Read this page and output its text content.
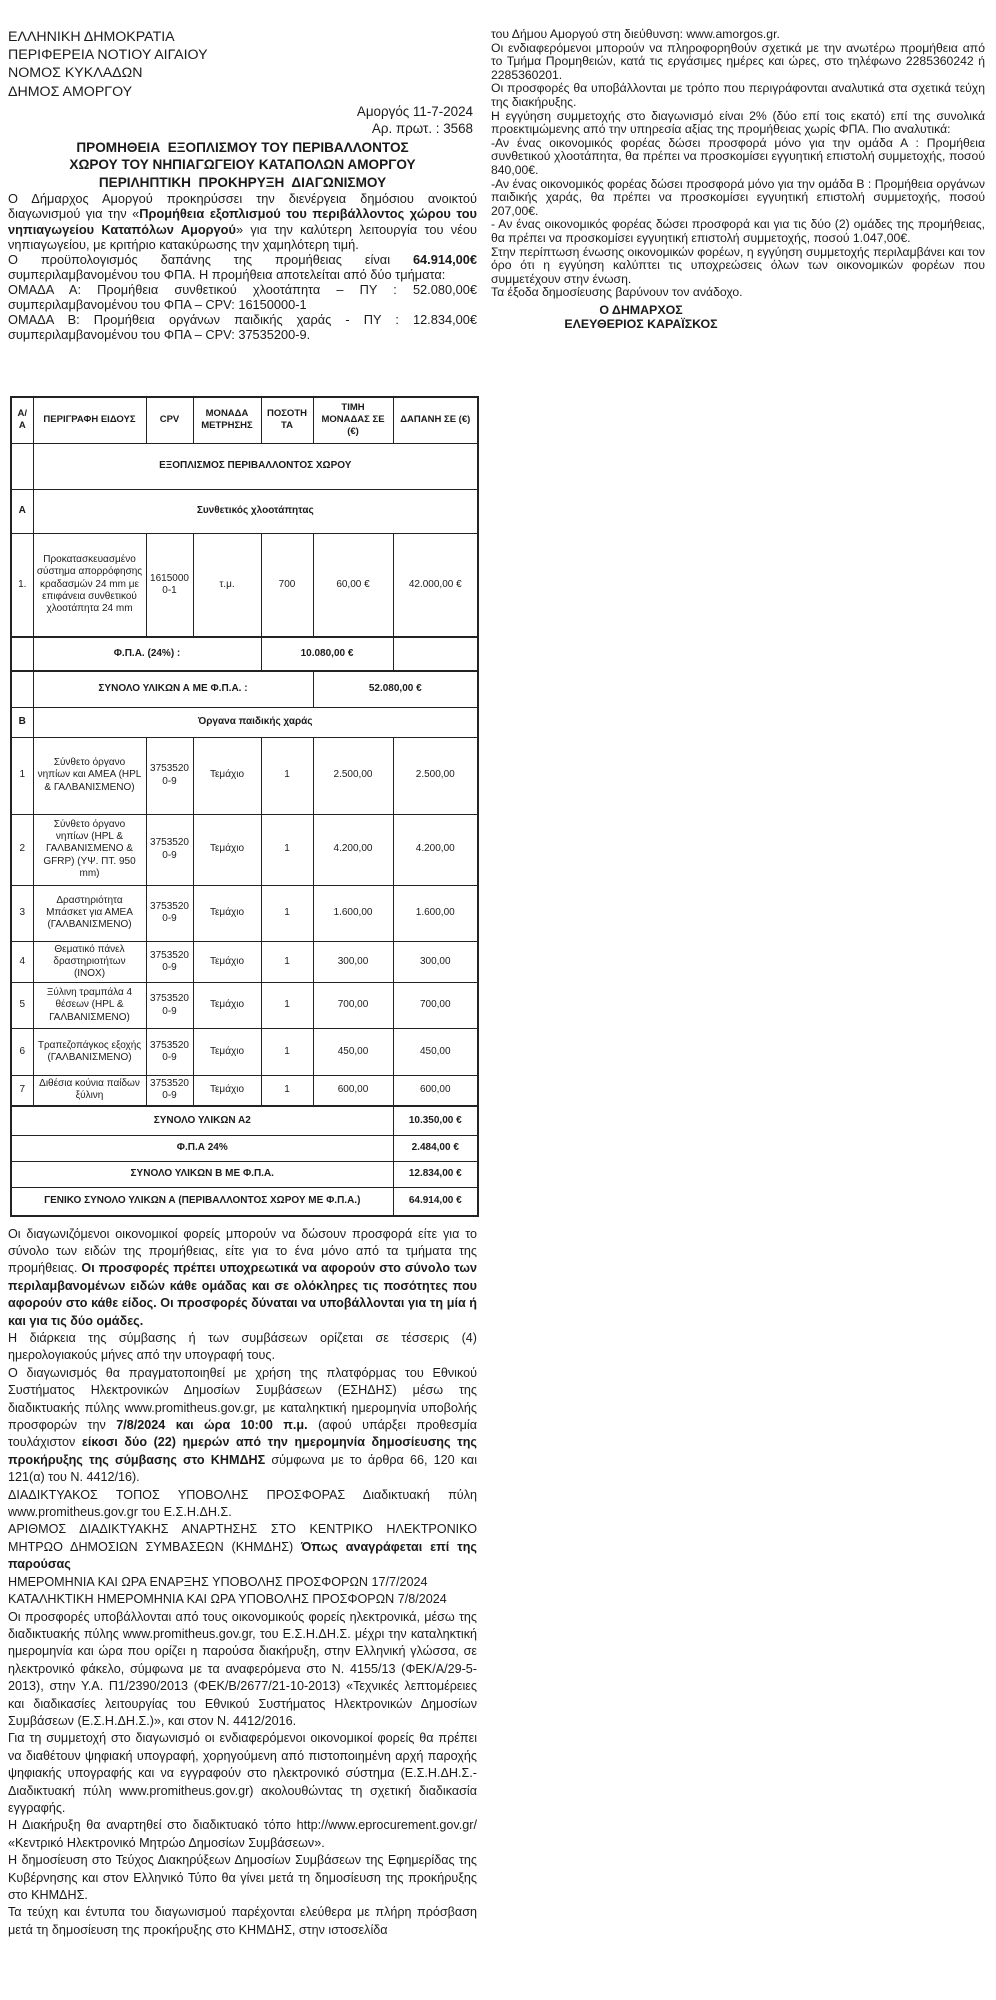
ΕΛΛΗΝΙΚΗ ΔΗΜΟΚΡΑΤΙΑ
ΠΕΡΙΦΕΡΕΙΑ ΝΟΤΙΟΥ ΑΙΓΑΙΟΥ
ΝΟΜΟΣ ΚΥΚΛΑΔΩΝ
ΔΗΜΟΣ ΑΜΟΡΓΟΥ
Αμοργός 11-7-2024
Αρ. πρωτ. : 3568
ΠΡΟΜΗΘΕΙΑ  ΕΞΟΠΛΙΣΜΟΥ ΤΟΥ ΠΕΡΙΒΑΛΛΟΝΤΟΣ
ΧΩΡΟΥ ΤΟΥ ΝΗΠΙΑΓΩΓΕΙΟΥ ΚΑΤΑΠΟΛΩΝ ΑΜΟΡΓΟΥ
ΠΕΡΙΛΗΠΤΙΚΗ  ΠΡΟΚΗΡΥΞΗ  ΔΙΑΓΩΝΙΣΜΟΥ
Ο Δήμαρχος Αμοργού προκηρύσσει την διενέργεια δημόσιου ανοικτού διαγωνισμού για την «Προμήθεια εξοπλισμού του περιβάλλοντος χώρου του νηπιαγωγείου Καταπόλων Αμοργού» για την καλύτερη λειτουργία του νέου νηπιαγωγείου, με κριτήριο κατακύρωσης την χαμηλότερη τιμή.
Ο προϋπολογισμός δαπάνης της προμήθειας είναι 64.914,00€ συμπεριλαμβανομένου του ΦΠΑ. Η προμήθεια αποτελείται από δύο τμήματα:
ΟΜΑΔΑ Α: Προμήθεια συνθετικού χλοοτάπητα – ΠΥ : 52.080,00€ συμπεριλαμβανομένου του ΦΠΑ – CPV: 16150000-1
ΟΜΑΔΑ Β: Προμήθεια οργάνων παιδικής χαράς - ΠΥ : 12.834,00€ συμπεριλαμβανομένου του ΦΠΑ – CPV: 37535200-9.
του Δήμου Αμοργού στη διεύθυνση: www.amorgos.gr.
Οι ενδιαφερόμενοι μπορούν να πληροφορηθούν σχετικά με την ανωτέρω προμήθεια από το Τμήμα Προμηθειών, κατά τις εργάσιμες ημέρες και ώρες, στο τηλέφωνο 2285360242 ή 2285360201.
Οι προσφορές θα υποβάλλονται με τρόπο που περιγράφονται αναλυτικά στα σχετικά τεύχη της διακήρυξης.
Η εγγύηση συμμετοχής στο διαγωνισμό είναι 2% (δύο επί τοις εκατό) επί της συνολικά προεκτιμώμενης από την υπηρεσία αξίας της προμήθειας χωρίς ΦΠΑ. Πιο αναλυτικά:
-Αν ένας οικονομικός φορέας δώσει προσφορά μόνο για την ομάδα Α : Προμήθεια συνθετικού χλοοτάπητα, θα πρέπει να προσκομίσει εγγυητική επιστολή συμμετοχής, ποσού 840,00€.
-Αν ένας οικονομικός φορέας δώσει προσφορά μόνο για την ομάδα Β : Προμήθεια οργάνων παιδικής χαράς, θα πρέπει να προσκομίσει εγγυητική επιστολή συμμετοχής, ποσού 207,00€.
- Αν ένας οικονομικός φορέας δώσει προσφορά και για τις δύο (2) ομάδες της προμήθειας, θα πρέπει να προσκομίσει εγγυητική επιστολή συμμετοχής, ποσού 1.047,00€.
Στην περίπτωση ένωσης οικονομικών φορέων, η εγγύηση συμμετοχής περιλαμβάνει και τον όρο ότι η εγγύηση καλύπτει τις υποχρεώσεις όλων των οικονομικών φορέων που συμμετέχουν στην ένωση.
Τα έξοδα δημοσίευσης βαρύνουν τον ανάδοχο.
Ο ΔΗΜΑΡΧΟΣ
ΕΛΕΥΘΕΡΙΟΣ ΚΑΡΑΪΣΚΟΣ
Α/Α	ΠΕΡΙΓΡΑΦΗ ΕΙΔΟΥΣ	CPV	ΜΟΝΑΔΑ ΜΕΤΡΗΣΗΣ	ΠΟΣΟΤΗΤΑ	ΤΙΜΗ ΜΟΝΑΔΑΣ ΣΕ (€)	ΔΑΠΑΝΗ ΣΕ (€)
	ΕΞΟΠΛΙΣΜΟΣ ΠΕΡΙΒΑΛΛΟΝΤΟΣ ΧΩΡΟΥ					
Α	Συνθετικός χλοοτάπητας					
1.	Προκατασκευασμένο σύστημα απορρόφησης κραδασμών 24 mm με επιφάνεια συνθετικού χλοοτάπητα 24 mm	16150000-1	τ.μ.	700	60,00 €	42.000,00 €
	Φ.Π.Α. (24%) :			10.080,00 €		
	ΣΥΝΟΛΟ ΥΛΙΚΩΝ Α ΜΕ Φ.Π.Α. :				52.080,00 €	
Β	Όργανα παιδικής χαράς					
1	Σύνθετο όργανο νηπίων και ΑΜΕΑ (HPL & ΓΑΛΒΑΝΙΣΜΕΝΟ)	37535200-9	Τεμάχιο	1	2.500,00	2.500,00
2	Σύνθετο όργανο νηπίων (HPL & ΓΑΛΒΑΝΙΣΜΕΝΟ & GFRP) (ΥΨ. ΠΤ. 950 mm)	37535200-9	Τεμάχιο	1	4.200,00	4.200,00
3	Δραστηριότητα Μπάσκετ για ΑΜΕΑ (ΓΑΛΒΑΝΙΣΜΕΝΟ)	37535200-9	Τεμάχιο	1	1.600,00	1.600,00
4	Θεματικό πάνελ δραστηριοτήτων (INOX)	37535200-9	Τεμάχιο	1	300,00	300,00
5	Ξύλινη τραμπάλα 4 θέσεων (HPL & ΓΑΛΒΑΝΙΣΜΕΝΟ)	37535200-9	Τεμάχιο	1	700,00	700,00
6	Τραπεζοπάγκος εξοχής (ΓΑΛΒΑΝΙΣΜΕΝΟ)	37535200-9	Τεμάχιο	1	450,00	450,00
7	Διθέσια κούνια παίδων ξύλινη	37535200-9	Τεμάχιο	1	600,00	600,00
ΣΥΝΟΛΟ ΥΛΙΚΩΝ Α2						10.350,00 €
Φ.Π.Α 24%						2.484,00 €
ΣΥΝΟΛΟ ΥΛΙΚΩΝ Β ΜΕ Φ.Π.Α.						12.834,00 €
ΓΕΝΙΚΟ ΣΥΝΟΛΟ ΥΛΙΚΩΝ Α (ΠΕΡΙΒΑΛΛΟΝΤΟΣ ΧΩΡΟΥ ΜΕ Φ.Π.Α.)						64.914,00 €
Οι διαγωνιζόμενοι οικονομικοί φορείς μπορούν να δώσουν προσφορά είτε για το σύνολο των ειδών της προμήθειας, είτε για το ένα μόνο από τα τμήματα της προμήθειας. Οι προσφορές πρέπει υποχρεωτικά να αφορούν στο σύνολο των περιλαμβανομένων ειδών κάθε ομάδας και σε ολόκληρες τις ποσότητες που αφορούν στο κάθε είδος. Οι προσφορές δύναται να υποβάλλονται για τη μία ή και για τις δύο ομάδες.
Η διάρκεια της σύμβασης ή των συμβάσεων ορίζεται σε τέσσερις (4) ημερολογιακούς μήνες από την υπογραφή τους.
Ο διαγωνισμός θα πραγματοποιηθεί με χρήση της πλατφόρμας του Εθνικού Συστήματος Ηλεκτρονικών Δημοσίων Συμβάσεων (ΕΣΗΔΗΣ) μέσω της διαδικτυακής πύλης www.promitheus.gov.gr, με καταληκτική ημερομηνία υποβολής προσφορών την 7/8/2024 και ώρα 10:00 π.μ. (αφού υπάρξει προθεσμία τουλάχιστον είκοσι δύο (22) ημερών από την ημερομηνία δημοσίευσης της προκήρυξης της σύμβασης στο ΚΗΜΔΗΣ σύμφωνα με το άρθρα 66, 120 και 121(α) του Ν. 4412/16).
ΔΙΑΔΙΚΤΥΑΚΟΣ ΤΟΠΟΣ ΥΠΟΒΟΛΗΣ ΠΡΟΣΦΟΡΑΣ Διαδικτυακή πύλη www.promitheus.gov.gr του Ε.Σ.Η.ΔΗ.Σ.
ΑΡΙΘΜΟΣ ΔΙΑΔΙΚΤΥΑΚΗΣ ΑΝΑΡΤΗΣΗΣ ΣΤΟ ΚΕΝΤΡΙΚΟ ΗΛΕΚΤΡΟΝΙΚΟ ΜΗΤΡΩΟ ΔΗΜΟΣΙΩΝ ΣΥΜΒΑΣΕΩΝ (ΚΗΜΔΗΣ) Όπως αναγράφεται επί της παρούσας
ΗΜΕΡΟΜΗΝΙΑ ΚΑΙ ΩΡΑ ΕΝΑΡΞΗΣ ΥΠΟΒΟΛΗΣ ΠΡΟΣΦΟΡΩΝ 17/7/2024
ΚΑΤΑΛΗΚΤΙΚΗ ΗΜΕΡΟΜΗΝΙΑ ΚΑΙ ΩΡΑ ΥΠΟΒΟΛΗΣ ΠΡΟΣΦΟΡΩΝ 7/8/2024
Οι προσφορές υποβάλλονται από τους οικονομικούς φορείς ηλεκτρονικά, μέσω της διαδικτυακής πύλης www.promitheus.gov.gr, του Ε.Σ.Η.ΔΗ.Σ. μέχρι την καταληκτική ημερομηνία και ώρα που ορίζει η παρούσα διακήρυξη, στην Ελληνική γλώσσα, σε ηλεκτρονικό φάκελο, σύμφωνα με τα αναφερόμενα στο Ν. 4155/13 (ΦΕΚ/Α/29-5-2013), στην Υ.Α. Π1/2390/2013 (ΦΕΚ/Β/2677/21-10-2013) «Τεχνικές λεπτομέρειες και διαδικασίες λειτουργίας του Εθνικού Συστήματος Ηλεκτρονικών Δημοσίων Συμβάσεων (Ε.Σ.Η.ΔΗ.Σ.)», και στον Ν. 4412/2016.
Για τη συμμετοχή στο διαγωνισμό οι ενδιαφερόμενοι οικονομικοί φορείς θα πρέπει να διαθέτουν ψηφιακή υπογραφή, χορηγούμενη από πιστοποιημένη αρχή παροχής ψηφιακής υπογραφής και να εγγραφούν στο ηλεκτρονικό σύστημα (Ε.Σ.Η.ΔΗ.Σ.- Διαδικτυακή πύλη www.promitheus.gov.gr) ακολουθώντας τη σχετική διαδικασία εγγραφής.
Η Διακήρυξη θα αναρτηθεί στο διαδικτυακό τόπο http://www.eprocurement.gov.gr/ «Κεντρικό Ηλεκτρονικό Μητρώο Δημοσίων Συμβάσεων».
Η δημοσίευση στο Τεύχος Διακηρύξεων Δημοσίων Συμβάσεων της Εφημερίδας της Κυβέρνησης και στον Ελληνικό Τύπο θα γίνει μετά τη δημοσίευση της προκήρυξης στο ΚΗΜΔΗΣ.
Τα τεύχη και έντυπα του διαγωνισμού παρέχονται ελεύθερα με πλήρη πρόσβαση μετά τη δημοσίευση της προκήρυξης στο ΚΗΜΔΗΣ, στην ιστοσελίδα
